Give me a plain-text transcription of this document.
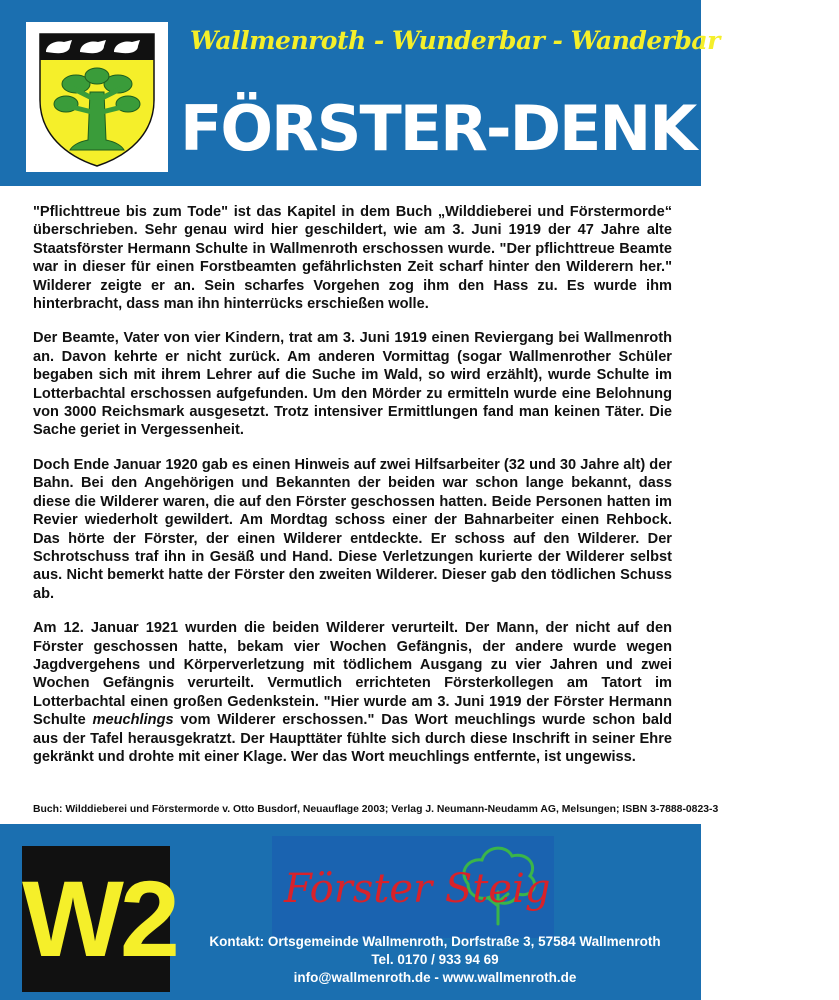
Wallmenroth - Wunderbar - Wanderbar
FÖRSTER-DENKMAL

"Pflichttreue bis zum Tode" ist das Kapitel in dem Buch „Wilddieberei und Förstermorde“ überschrieben. Sehr genau wird hier geschildert, wie am 3. Juni 1919 der 47 Jahre alte Staatsförster Hermann Schulte in Wallmenroth erschossen wurde. "Der pflichttreue Beamte war in dieser für einen Forstbeamten gefährlichsten Zeit scharf hinter den Wilderern her." Wilderer zeigte er an. Sein scharfes Vorgehen zog ihm den Hass zu. Es wurde ihm hinterbracht, dass man ihn hinterrücks erschießen wolle.

Der Beamte, Vater von vier Kindern, trat am 3. Juni 1919 einen Reviergang bei Wallmenroth an. Davon kehrte er nicht zurück. Am anderen Vormittag (sogar Wallmenrother Schüler begaben sich mit ihrem Lehrer auf die Suche im Wald, so wird erzählt), wurde Schulte im Lotterbachtal erschossen aufgefunden. Um den Mörder zu ermitteln wurde eine Belohnung von 3000 Reichsmark ausgesetzt. Trotz intensiver Ermittlungen fand man keinen Täter. Die Sache geriet in Vergessenheit.

Doch Ende Januar 1920 gab es einen Hinweis auf zwei Hilfsarbeiter (32 und 30 Jahre alt) der Bahn. Bei den Angehörigen und Bekannten der beiden war schon lange bekannt, dass diese die Wilderer waren, die auf den Förster geschossen hatten. Beide Personen hatten im Revier wiederholt gewildert. Am Mordtag schoss einer der Bahnarbeiter einen Rehbock. Das hörte der Förster, der einen Wilderer entdeckte. Er schoss auf den Wilderer. Der Schrotschuss traf ihn in Gesäß und Hand. Diese Verletzungen kurierte der Wilderer selbst aus. Nicht bemerkt hatte der Förster den zweiten Wilderer. Dieser gab den tödlichen Schuss ab.

Am 12. Januar 1921 wurden die beiden Wilderer verurteilt. Der Mann, der nicht auf den Förster geschossen hatte, bekam vier Wochen Gefängnis, der andere wurde wegen Jagdvergehens und Körperverletzung mit tödlichem Ausgang zu vier Jahren und zwei Wochen Gefängnis verurteilt. Vermutlich errichteten Försterkollegen am Tatort im Lotterbachtal einen großen Gedenkstein. "Hier wurde am 3. Juni 1919 der Förster Hermann Schulte meuchlings vom Wilderer erschossen." Das Wort meuchlings wurde schon bald aus der Tafel herausgekratzt. Der Haupttäter fühlte sich durch diese Inschrift in seiner Ehre gekränkt und drohte mit einer Klage. Wer das Wort meuchlings entfernte, ist ungewiss.

Buch: Wilddieberei und Förstermorde v. Otto Busdorf, Neuauflage 2003; Verlag J. Neumann-Neudamm AG, Melsungen; ISBN 3-7888-0823-3
W2	Förster Steig
Kontakt: Ortsgemeinde Wallmenroth, Dorfstraße 3, 57584 Wallmenroth
Tel. 0170 / 933 94 69
info@wallmenroth.de - www.wallmenroth.de
